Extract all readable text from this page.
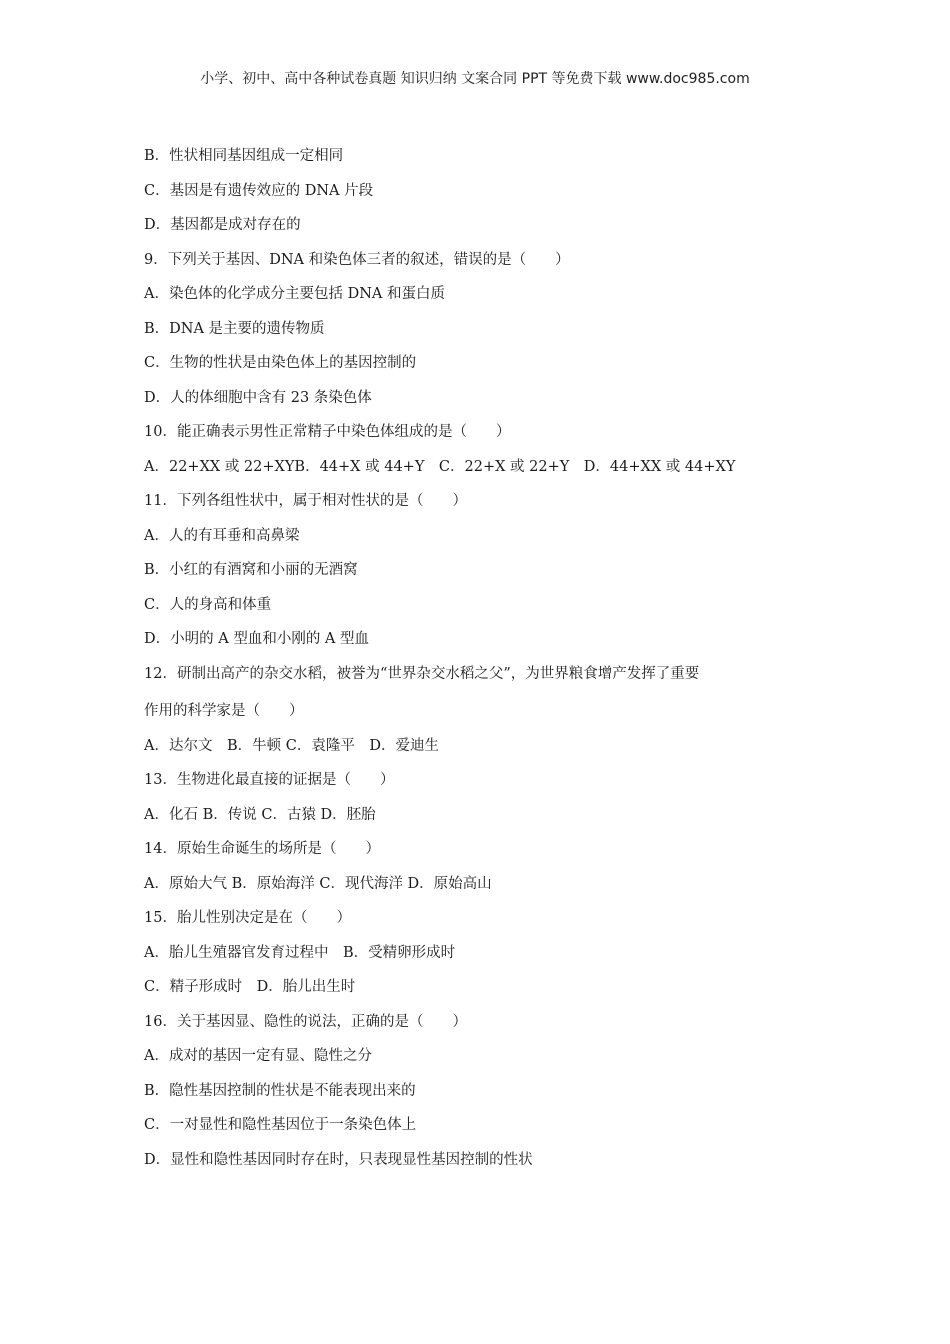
小学、初中、高中各种试卷真题 知识归纳 文案合同 PPT 等免费下载 www.doc985.com
B．性状相同基因组成一定相同
C．基因是有遗传效应的 DNA 片段
D．基因都是成对存在的
9．下列关于基因、DNA 和染色体三者的叙述，错误的是（　　）
A．染色体的化学成分主要包括 DNA 和蛋白质
B．DNA 是主要的遗传物质
C．生物的性状是由染色体上的基因控制的
D．人的体细胞中含有 23 条染色体
10．能正确表示男性正常精子中染色体组成的是（　　）
A．22+XX 或 22+XYB．44+X 或 44+Y　C．22+X 或 22+Y　D．44+XX 或 44+XY
11．下列各组性状中，属于相对性状的是（　　）
A．人的有耳垂和高鼻梁
B．小红的有酒窝和小丽的无酒窝
C．人的身高和体重
D．小明的 A 型血和小刚的 A 型血
12．研制出高产的杂交水稻，被誉为“世界杂交水稻之父”，为世界粮食增产发挥了重要
作用的科学家是（　　）
A．达尔文　B．牛顿 C．袁隆平　D．爱迪生
13．生物进化最直接的证据是（　　）
A．化石 B．传说 C．古猿 D．胚胎
14．原始生命诞生的场所是（　　）
A．原始大气 B．原始海洋 C．现代海洋 D．原始高山
15．胎儿性别决定是在（　　）
A．胎儿生殖器官发育过程中　B．受精卵形成时
C．精子形成时　D．胎儿出生时
16．关于基因显、隐性的说法，正确的是（　　）
A．成对的基因一定有显、隐性之分
B．隐性基因控制的性状是不能表现出来的
C．一对显性和隐性基因位于一条染色体上
D．显性和隐性基因同时存在时，只表现显性基因控制的性状
